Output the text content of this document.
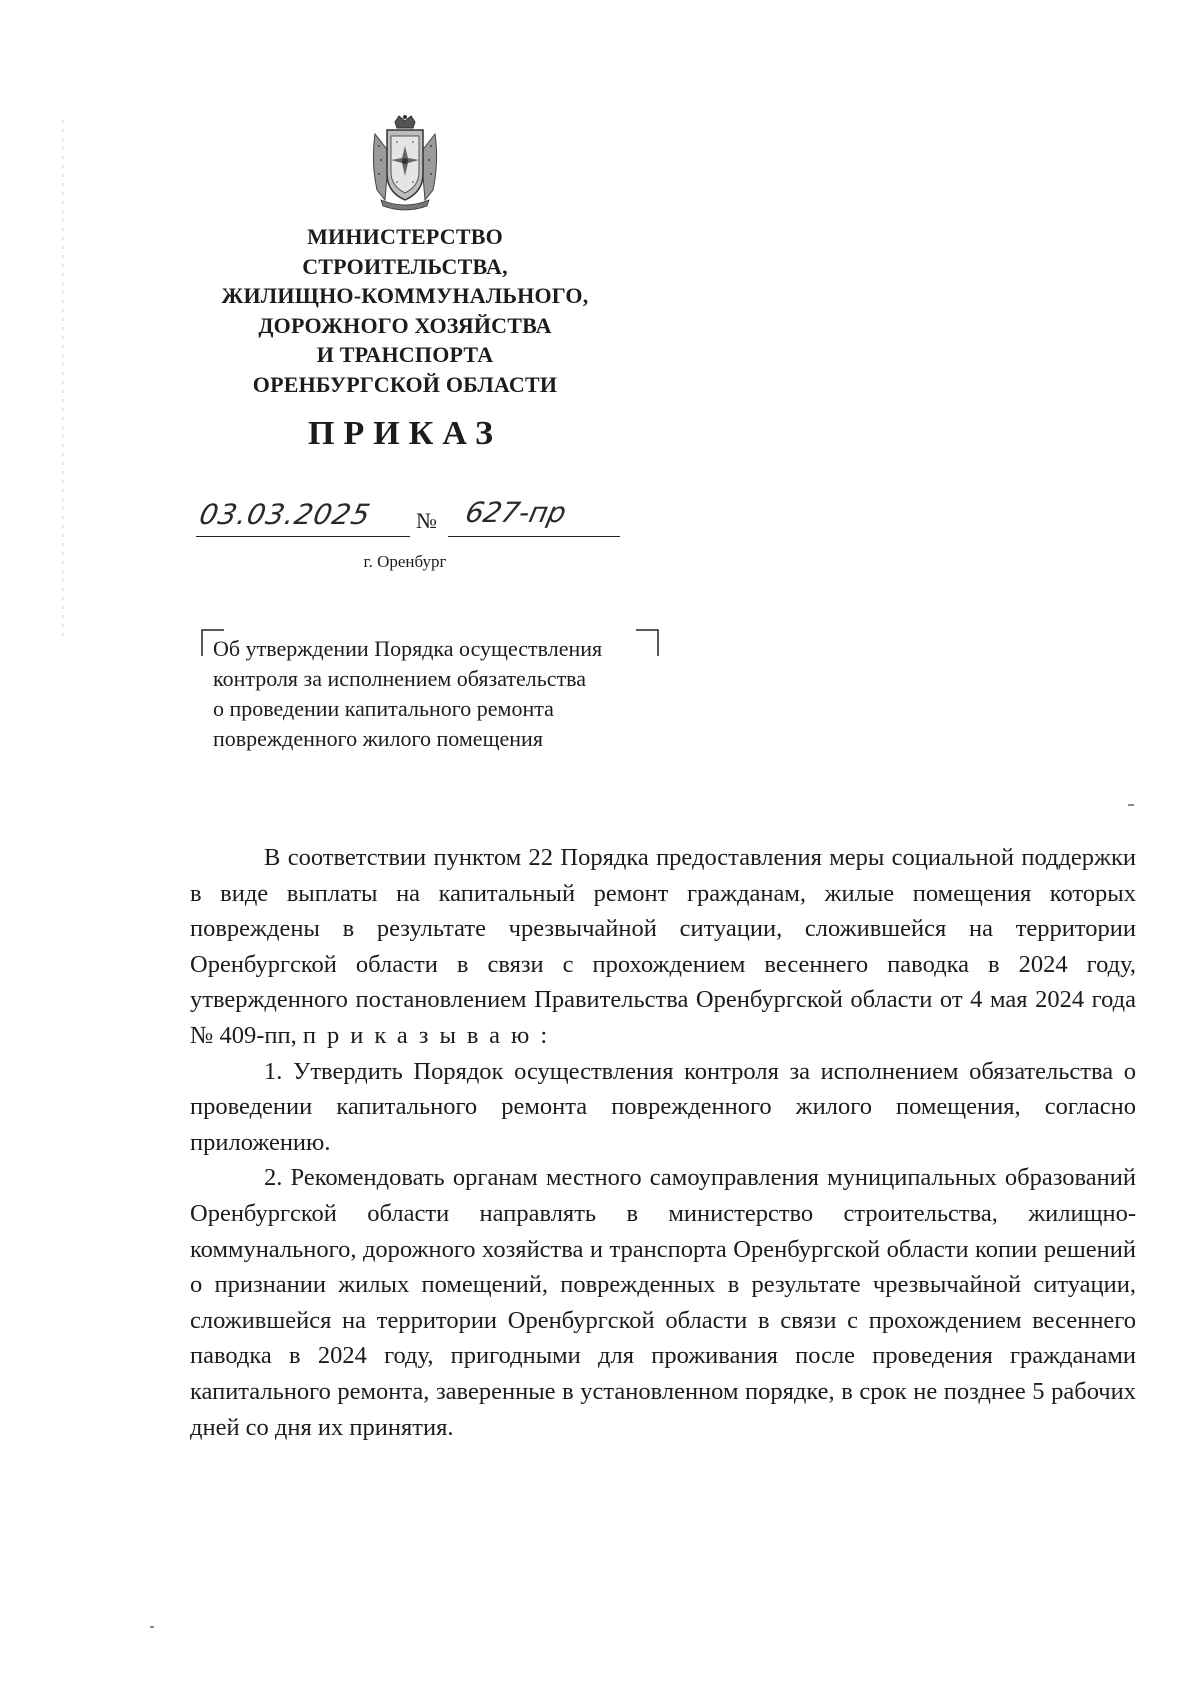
МИНИСТЕРСТВО
СТРОИТЕЛЬСТВА,
ЖИЛИЩНО-КОММУНАЛЬНОГО,
ДОРОЖНОГО ХОЗЯЙСТВА
И ТРАНСПОРТА
ОРЕНБУРГСКОЙ ОБЛАСТИ
ПРИКАЗ
03.03.2025 № 627-пр
г. Оренбург
Об утверждении Порядка осуществления
контроля за исполнением обязательства
о проведении капитального ремонта
поврежденного жилого помещения

В соответствии пунктом 22 Порядка предоставления меры социальной поддержки в виде выплаты на капитальный ремонт гражданам, жилые помещения которых повреждены в результате чрезвычайной ситуации, сложившейся на территории Оренбургской области в связи с прохождением весеннего паводка в 2024 году, утвержденного постановлением Правительства Оренбургской области от 4 мая 2024 года № 409-пп, приказываю:

1. Утвердить Порядок осуществления контроля за исполнением обязательства о проведении капитального ремонта поврежденного жилого помещения, согласно приложению.

2. Рекомендовать органам местного самоуправления муниципальных образований Оренбургской области направлять в министерство строительства, жилищно-коммунального, дорожного хозяйства и транспорта Оренбургской области копии решений о признании жилых помещений, поврежденных в результате чрезвычайной ситуации, сложившейся на территории Оренбургской области в связи с прохождением весеннего паводка в 2024 году, пригодными для проживания после проведения гражданами капитального ремонта, заверенные в установленном порядке, в срок не позднее 5 рабочих дней со дня их принятия.
